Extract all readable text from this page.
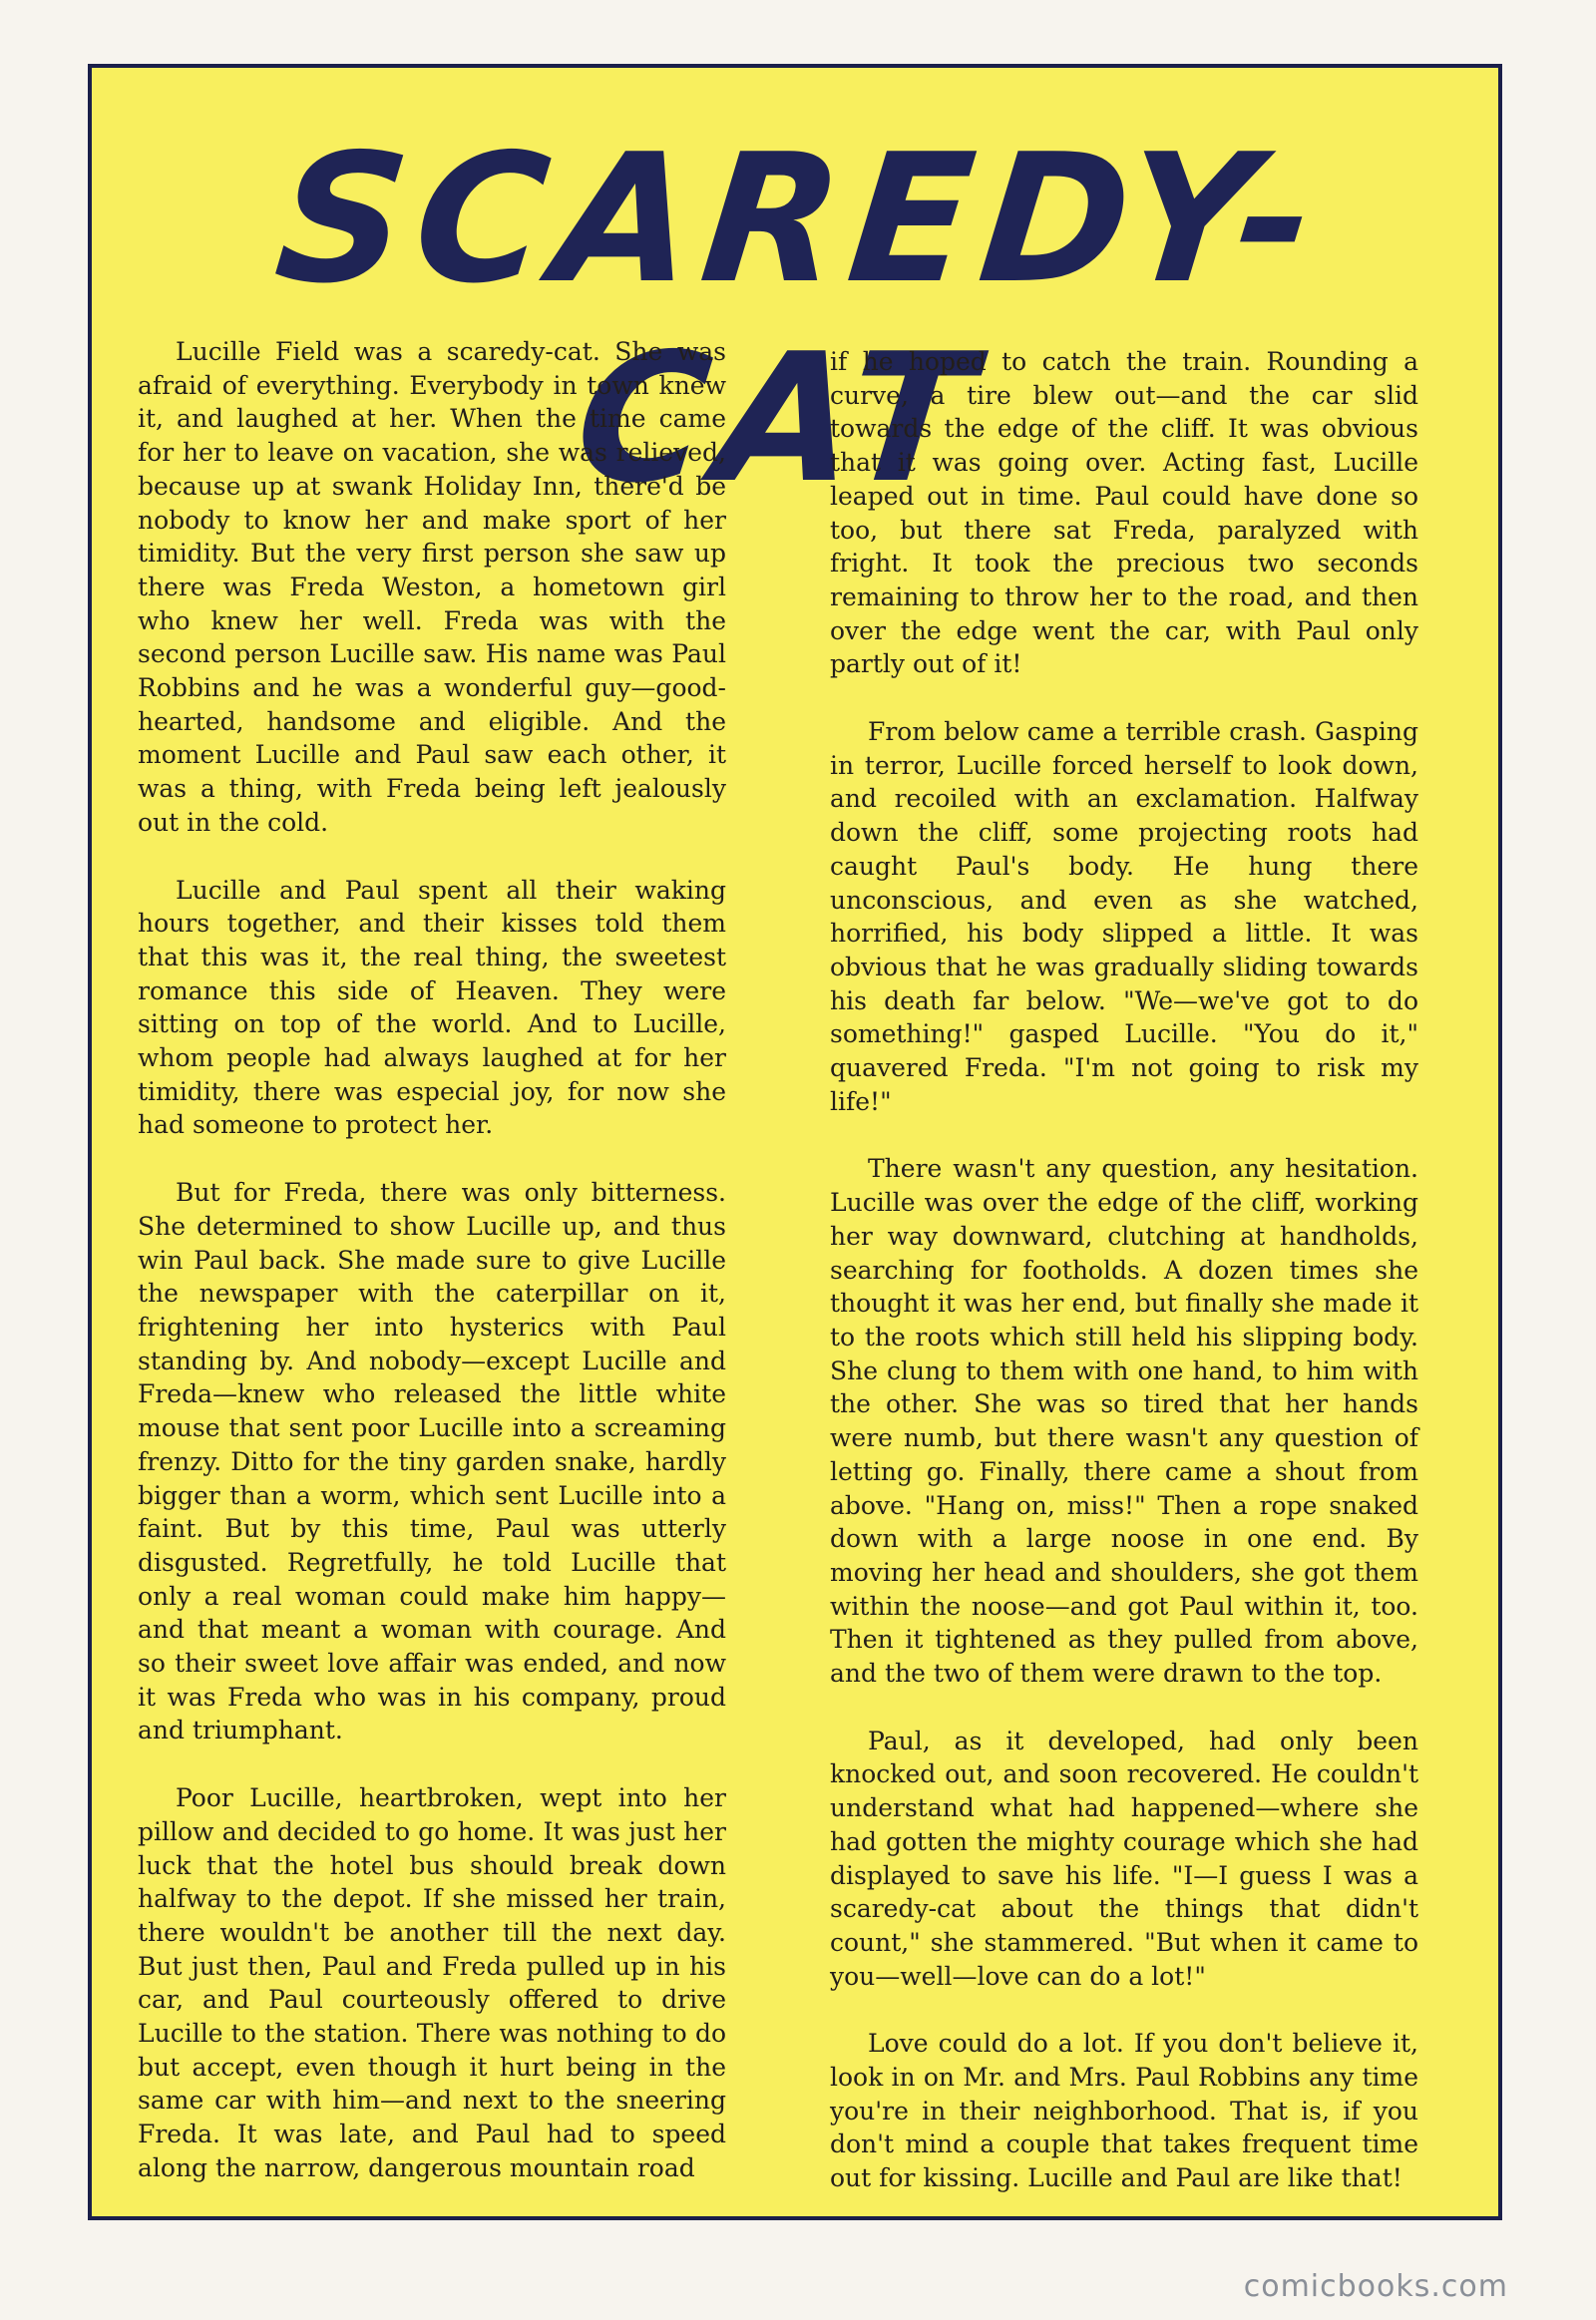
SCAREDY-CAT

Lucille Field was a scaredy-cat. She was afraid of everything. Everybody in town knew it, and laughed at her. When the time came for her to leave on vacation, she was relieved, because up at swank Holiday Inn, there'd be nobody to know her and make sport of her timidity. But the very first person she saw up there was Freda Weston, a hometown girl who knew her well. Freda was with the second person Lucille saw. His name was Paul Robbins and he was a wonderful guy—good-hearted, handsome and eligible. And the moment Lucille and Paul saw each other, it was a thing, with Freda being left jealously out in the cold.

Lucille and Paul spent all their waking hours together, and their kisses told them that this was it, the real thing, the sweetest romance this side of Heaven. They were sitting on top of the world. And to Lucille, whom people had always laughed at for her timidity, there was especial joy, for now she had someone to protect her.

But for Freda, there was only bitterness. She determined to show Lucille up, and thus win Paul back. She made sure to give Lucille the newspaper with the caterpillar on it, frightening her into hysterics with Paul standing by. And nobody—except Lucille and Freda—knew who released the little white mouse that sent poor Lucille into a screaming frenzy. Ditto for the tiny garden snake, hardly bigger than a worm, which sent Lucille into a faint. But by this time, Paul was utterly disgusted. Regretfully, he told Lucille that only a real woman could make him happy—and that meant a woman with courage. And so their sweet love affair was ended, and now it was Freda who was in his company, proud and triumphant.

Poor Lucille, heartbroken, wept into her pillow and decided to go home. It was just her luck that the hotel bus should break down halfway to the depot. If she missed her train, there wouldn't be another till the next day. But just then, Paul and Freda pulled up in his car, and Paul courteously offered to drive Lucille to the station. There was nothing to do but accept, even though it hurt being in the same car with him—and next to the sneering Freda. It was late, and Paul had to speed along the narrow, dangerous mountain road

if he hoped to catch the train. Rounding a curve, a tire blew out—and the car slid towards the edge of the cliff. It was obvious that it was going over. Acting fast, Lucille leaped out in time. Paul could have done so too, but there sat Freda, paralyzed with fright. It took the precious two seconds remaining to throw her to the road, and then over the edge went the car, with Paul only partly out of it!

From below came a terrible crash. Gasping in terror, Lucille forced herself to look down, and recoiled with an exclamation. Halfway down the cliff, some projecting roots had caught Paul's body. He hung there unconscious, and even as she watched, horrified, his body slipped a little. It was obvious that he was gradually sliding towards his death far below. "We—we've got to do something!" gasped Lucille. "You do it," quavered Freda. "I'm not going to risk my life!"

There wasn't any question, any hesitation. Lucille was over the edge of the cliff, working her way downward, clutching at handholds, searching for footholds. A dozen times she thought it was her end, but finally she made it to the roots which still held his slipping body. She clung to them with one hand, to him with the other. She was so tired that her hands were numb, but there wasn't any question of letting go. Finally, there came a shout from above. "Hang on, miss!" Then a rope snaked down with a large noose in one end. By moving her head and shoulders, she got them within the noose—and got Paul within it, too. Then it tightened as they pulled from above, and the two of them were drawn to the top.

Paul, as it developed, had only been knocked out, and soon recovered. He couldn't understand what had happened—where she had gotten the mighty courage which she had displayed to save his life. "I—I guess I was a scaredy-cat about the things that didn't count," she stammered. "But when it came to you—well—love can do a lot!"

Love could do a lot. If you don't believe it, look in on Mr. and Mrs. Paul Robbins any time you're in their neighborhood. That is, if you don't mind a couple that takes frequent time out for kissing. Lucille and Paul are like that!

comicbooks.com
